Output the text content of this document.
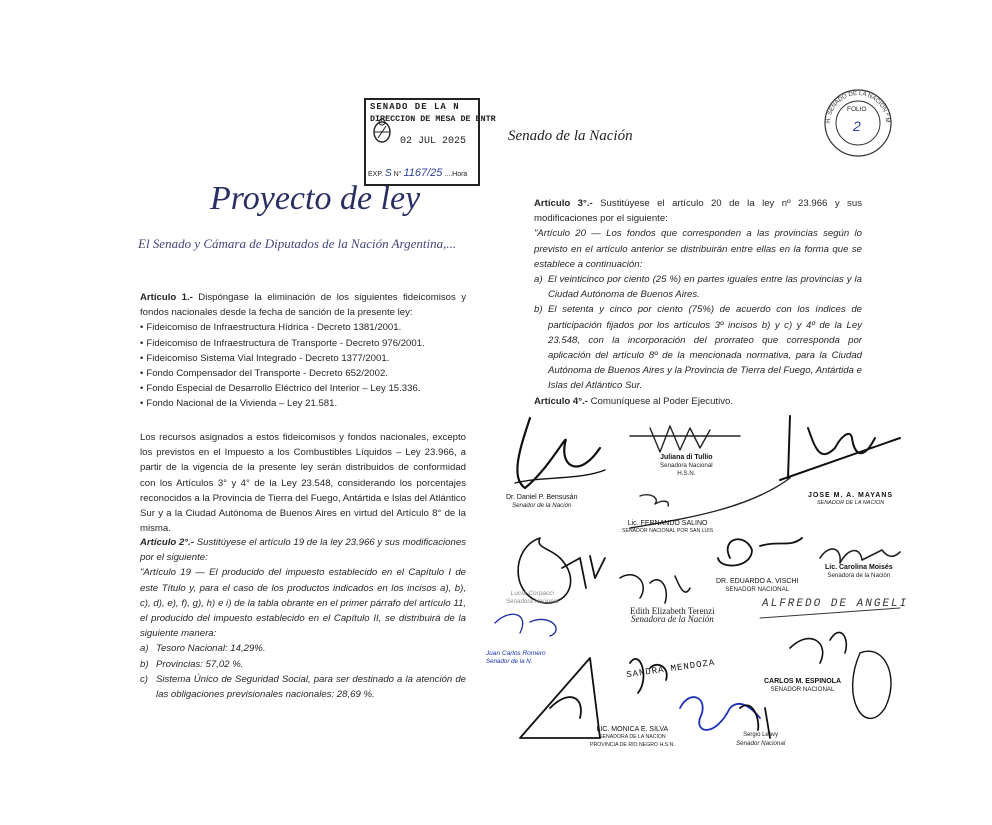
SENADO DE LA N
DIRECCION DE MESA DE ENTR
02 JUL 2025
EXP. S N° 1167/25 ....Hora
Proyecto de ley
El Senado y Cámara de Diputados de la Nación Argentina,...

Artículo 1.- Dispóngase la eliminación de los siguientes fideicomisos y fondos nacionales desde la fecha de sanción de la presente ley:

• Fideicomiso de Infraestructura Hídrica - Decreto 1381/2001.
• Fideicomiso de Infraestructura de Transporte - Decreto 976/2001.
• Fideicomiso Sistema Vial Integrado - Decreto 1377/2001.
• Fondo Compensador del Transporte - Decreto 652/2002.
• Fondo Especial de Desarrollo Eléctrico del Interior – Ley 15.336.
• Fondo Nacional de la Vivienda – Ley 21.581.

Los recursos asignados a estos fideicomisos y fondos nacionales, excepto los previstos en el Impuesto a los Combustibles Líquidos – Ley 23.966, a partir de la vigencia de la presente ley serán distribuidos de conformidad con los Artículos 3° y 4° de la Ley 23.548, considerando los porcentajes reconocidos a la Provincia de Tierra del Fuego, Antártida e Islas del Atlántico Sur y a la Ciudad Autónoma de Buenos Aires en virtud del Artículo 8° de la misma.

Artículo 2°.- Sustitúyese el artículo 19 de la ley 23.966 y sus modificaciones por el siguiente:

"Artículo 19 — El producido del impuesto establecido en el Capítulo I de este Título y, para el caso de los productos indicados en los incisos a), b), c), d), e), f), g), h) e i) de la tabla obrante en el primer párrafo del artículo 11, el producido del impuesto establecido en el Capítulo II, se distribuirá de la siguiente manera:

a) Tesoro Nacional: 14,29%.
b) Provincias: 57,02 %.
c) Sistema Único de Seguridad Social, para ser destinado a la atención de las obligaciones previsionales nacionales: 28,69 %.
Senado de la Nación
H. SENADO DE LA NACION * M
FOLIO
2

Artículo 3°.- Sustitúyese el artículo 20 de la ley nº 23.966 y sus modificaciones por el siguiente:

"Artículo 20 — Los fondos que corresponden a las provincias según lo previsto en el artículo anterior se distribuirán entre ellas en la forma que se establece a continuación:

a) El veinticinco por ciento (25 %) en partes iguales entre las provincias y la Ciudad Autónoma de Buenos Aires.
b) El setenta y cinco por ciento (75%) de acuerdo con los índices de participación fijados por los artículos 3º incisos b) y c) y 4º de la Ley 23.548, con la incorporación del prorrateo que corresponda por aplicación del artículo 8º de la mencionada normativa, para la Ciudad Autónoma de Buenos Aires y la Provincia de Tierra del Fuego, Antártida e Islas del Atlántico Sur.

Artículo 4°.- Comuníquese al Poder Ejecutivo.

Dr. Daniel P. Bensusán
Senador de la Nación
Juliana di Tullio
Senadora Nacional
H.S.N.
JOSE M. A. MAYANS
SENADOR DE LA NACION
Lic. FERNANDO SALINO
SENADOR NACIONAL POR SAN LUIS
Lic. Carolina Moisés
Senadora de la Nación
DR. EDUARDO A. VISCHI
SENADOR NACIONAL
Edith Elizabeth Terenzi
Senadora de la Nación
ALFREDO DE ANGELI
CARLOS M. ESPINOLA
SENADOR NACIONAL
LIC. MONICA E. SILVA
SENADORA DE LA NACION
PROVINCIA DE RIO NEGRO H.S.N.
SANDRA MENDOZA
Juan Carlos Romero
Senador de la N.
Lucía Corpacci
Senadora Nacional
Sergio Leavy
Senador Nacional
